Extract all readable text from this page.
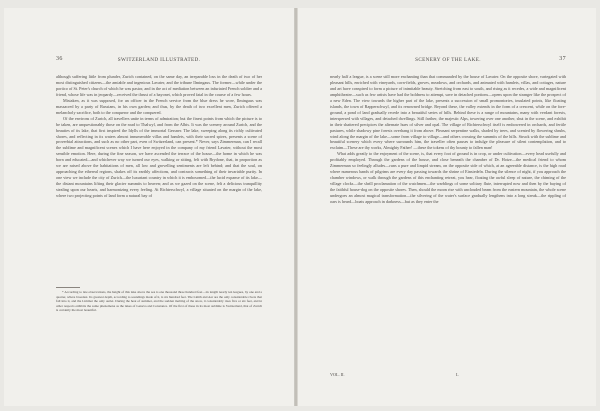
36	SWITZERLAND ILLUSTRATED.

although suffering little from plunder, Zurich contained, on the same day, an irreparable loss in the death of two of her most distinguished citizens—the amiable and ingenious Lavater, and the tribune Ilmingaus. The former—while under the portico of St. Peter's church of which he was pastor, and in the act of mediation between an infuriated French soldier and a friend, whose life was in jeopardy—received the thrust of a bayonet, which proved fatal in the course of a few hours.

Mistaken, as it was supposed, for an officer in the French service from the blue dress he wore, Ilmingaus was massacred by a party of Russians, in his own garden; and thus, by the death of two excellent men, Zurich offered a melancholy sacrifice, both to the conqueror and the conquered.

Of the environs of Zurich, all travellers unite in terms of admiration; but the finest points from which the picture is to be taken, are unquestionably those on the road to Thalwyl, and from the Albis. It was the scenery around Zurich, and the beauties of its lake, that first inspired the Idylls of the immortal Gessner. The lake, sweeping along its richly cultivated shores, and reflecting in its waters almost innumerable villas and hamlets, with their sacred spires, presents a scene of proverbial attractions, and such as no other part, even of Switzerland, can present.* Never, says Zimmerman, can I recall the sublime and magnificent scenes which I have here enjoyed in the company of my friend Lavater, without the most sensible emotion. Here, during the fine season, we have ascended the terrace of the house—the home in which he was born and educated—and whichever way we turned our eyes, walking or sitting, felt with Brydone, that, in proportion as we are raised above the habitations of men, all low and grovelling sentiments are left behind; and that the soul, on approaching the ethereal regions, shakes off its earthly affections, and contracts something of their invariable purity. In one view we include the city of Zurich—the luxuriant country in which it is embosomed—the lucid expanse of its lake—the distant mountains lifting their glacier summits to heaven; and as we gazed on the scene, felt a delicious tranquillity stealing upon our hearts, and harmonizing every feeling. At Richterschwyl, a village situated on the margin of the lake, where two projecting points of land form a natural bay of

* According to late observations, the height of this lake above the sea is one thousand three hundred feet—its length nearly ten leagues, by one and a quarter, where broadest. Its greatest depth, according to soundings made of it, is six hundred feet. The Limth and Aar are the only considerable rivers that fall into it, and the Limmat the only outlet. During the heat of summer, and the sudden melting of the snow, it considerably rises five or six feet, and in other respects exhibits the same phenomena as the lakes of Geneva and Constance. Of the first of these in its most sublime is Switzerland, that of Zurich is certainly the most beautiful.

SCENERY OF THE LAKE.	37

nearly half a league, is a scene still more enchanting than that commanded by the house of Lavater. On the opposite shore, variegated with pleasant hills, enriched with vineyards, corn-fields, groves, meadows, and orchards, and animated with hamlets, villas, and cottages, nature and art have conspired to form a picture of inimitable beauty. Stretching from east to south, and rising as it recedes, a wide and magnificent amphitheatre—such as few artists have had the boldness to attempt, save in detached portions—opens upon the stranger like the prospect of a new Eden. The view towards the higher part of the lake, presents a succession of small promontories, insulated points, like floating islands, the town of Rapperschwyl, and its renowned bridge. Beyond these, the valley extends in the form of a crescent, while on the fore-ground, a pond of land gradually recede into a beautiful series of hills. Behind these is a range of mountains, many with verdant forests, interspersed with villages, and detached dwellings. Still farther, the majestic Alps, towering over one another, shut in the scene, and exhibit in their shattered precipices the alternate hues of silver and opal. The village of Richterschwyl itself is embowered in orchards, and fertile pastures, while shadowy pine forests overhang it from above. Pleasant serpentine walks, shaded by trees, and scented by flowering shrubs, wind along the margin of the lake—some from village to village—and others crossing the summits of the hills. Struck with the sublime and beautiful scenery which every where surrounds him, the traveller often pauses to indulge the pleasure of silent contemplation, and to exclaim—These are thy works, Almighty Father! —these the tokens of thy bounty to fallen man!

What adds greatly to the enjoyment of the scene, is, that every foot of ground is in crop, or under cultivation—every head usefully and profitably employed. Through the gardens of the house, and close beneath the chamber of Dr. Hotze—the medical friend to whom Zimmerman so feelingly alludes—runs a pure and limpid stream, on the opposite side of which, at an agreeable distance, is the high road where numerous bands of pilgrims are every day passing towards the shrine of Einsiedeln. During the silence of night, if you approach the chamber windows, or walk through the gardens of this enchanting retreat, you hear, floating the awful sleep of nature, the chiming of the village clocks—the shrill proclamation of the watchmen—the warblings of some solitary flute, interrupted now and then by the baying of the faithful house-dog on the opposite shores. Then, should the moon rise with unclouded beam from the eastern mountain, the whole scene undergoes an almost magical transformation—the silvering of the water's surface gradually lengthens into a long streak—the rippling of oars is heard—boats approach in darkness—but as they enter the

VOL. II.	L
